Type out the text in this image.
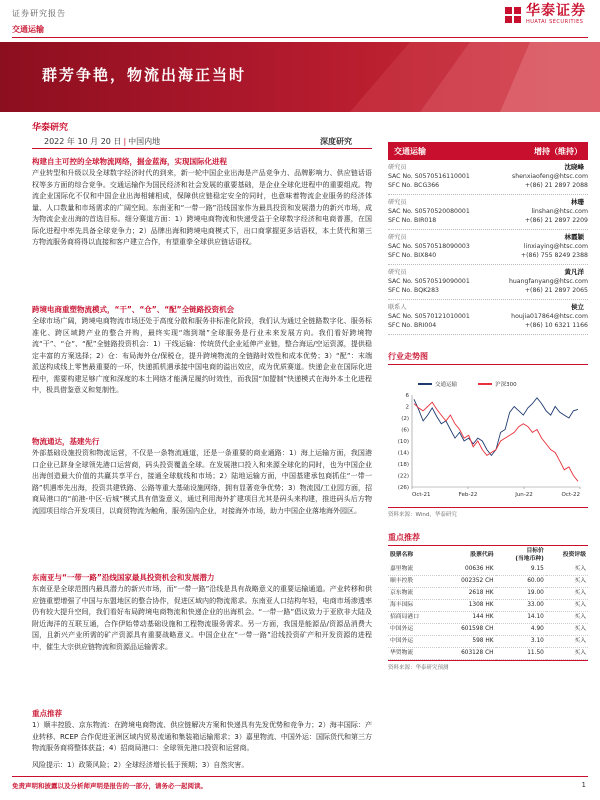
证券研究报告	华泰证券
HUATAI SECURITIES
交通运输
群芳争艳，物流出海正当时
华泰研究
2022 年 10 月 20 日 | 中国内地	深度研究
构建自主可控的全球物流网络，掘金蓝海，实现国际化进程
产业转型和升级以及全球数字经济时代的到来，新一轮中国企业出海是产品竞争力、品牌影响力、供应链话语权等多方面的综合竞争。交通运输作为国民经济和社会发展的重要基础，是企业全球化进程中的重要组成。物流企业国际化不仅和中国企业出海相辅相成，保障供应链稳定安全的同时，也意味着物流企业服务的经济体量、人口数量和市场需求的广阔空间。东南亚和“一带一路”沿线国家作为最具投资和发展潜力的新兴市场，成为物流企业出海的首选目标。细分赛道方面：1）跨境电商物流和快递受益于全球数字经济和电商普惠，在国际化进程中率先具备全球竞争力；2）品牌出海和跨境电商模式下，出口商掌握更多话语权，本土货代和第三方物流服务商将得以直接和客户建立合作，有望重拳全球供应链话语权。
跨境电商重塑物流模式，“干”、“仓”、“配”全链路投资机会
全球市场广阔，跨境电商物流市场还处于高度分散和服务非标准化阶段，我们认为通过全链路数字化、服务标准化、跨区域跨产业的整合并购，最终实现“端到端”全球服务是行业未来发展方向。我们看好跨境物流“干”、“仓”、“配”全链路投资机会：1）干线运输：传统货代企业延伸产业链，整合海运/空运资源，提供稳定丰富的方案选择；2）仓：布局海外仓/保税仓，提升跨境物流的全链路时效性和成本优势；3）“配”：末端派送构成线上零售最重要的一环，快递抓机遇承接中国电商的溢出效应，成为优质赛道。快递企业在国际化进程中，需要构建足够广度和深度的本土网络才能满足履约时效性，而我国“加盟制”快递模式在海外本土化进程中，极具借鉴意义和复制性。
物流通达，基建先行
外部基础设施投资和物流运营，不仅是一条物流通道，还是一条重要的商业通路：1）海上运输方面，我国港口企业已跻身全球领先港口运营商，码头投资覆盖全球。在发展港口投入和来源全球化的同时，也为中国企业出海创造最大价值的共赢共享平台，接通全球航线和市场；2）陆地运输方面，中国基建承包商抓住“一带一路”机遇率先出海，投资共建铁路、公路等重大基础设施网络，拥有显著竞争优势；3）物流园/工业园方面，招商局港口的“前港-中区-后城”模式具有借鉴意义，通过利用海外扩建项目尤其是码头来构建，推进码头后方物流园项目综合开发项目，以商贸物流为触角，服务国内企业，对接海外市场，助力中国企业落地海外园区。
东南亚与“一带一路”沿线国家最具投资机会和发展潜力
东南亚是全球范围内最具潜力的新兴市场，而“一带一路”沿线是具有战略意义的重要运输通道。产业转移和供应链重塑增强了中国与东盟地区的整合协作，促进区域内的物流需求。东南亚人口结构年轻，电商市场渗透率仍有较大提升空间，我们看好布局跨境电商物流和快递企业的出海机会。“一带一路”倡议致力于亚欧非大陆及附近海洋的互联互通，合作伊始带动基础设施和工程物流服务需求。另一方面，我国是能源品/资源品消费大国，且新兴产业所需的矿产资源具有重要战略意义。中国企业在“一带一路”沿线投资矿产和开发资源的进程中，催生大宗供应链物流和资源品运输需求。
重点推荐
1）顺丰控股、京东物流：在跨境电商物流、供应链解决方案和快递具有先发优势和竞争力；2）海丰国际：产业转移、RCEP 合作促进亚洲区域内贸易流通和集装箱运输需求；3）嘉里物流、中国外运：国际货代和第三方物流服务商将整体获益；4）招商局港口：全球领先港口投资和运营商。
风险提示：1）政策风险；2）全球经济增长低于预期；3）自然灾害。
交通运输	增持（维持）
研究员	沈晓峰
SAC No. S0570516110001	shenxiaofeng@htsc.com
SFC No. BCG366	+(86) 21 2897 2088
研究员	林珊
SAC No. S0570520080001	linshan@htsc.com
SFC No. BIR018	+(86) 21 2897 2209
研究员	林霞颖
SAC No. S0570518090003	linxiaying@htsc.com
SFC No. BIX840	+(86) 755 8249 2388
研究员	黄凡洋
SAC No. S0570519090001	huangfanyang@htsc.com
SFC No. BQK283	+(86) 21 2897 2065
联系人	侯立
SAC No. S0570121010001	houjia017864@htsc.com
SFC No. BRI004	+(86) 10 6321 1166
行业走势图
交通运输
	沪深300
6
2
(2)
(6)
(10)
(14)
(18)
(22)
(26)
Oct-21	Feb-22	Jun-22	Oct-22
资料来源：Wind，华泰研究
重点推荐
股票名称	股票代码	目标价
(当地币种)	投资评级
嘉里物流	00636 HK	9.15	买入
顺丰控股	002352 CH	60.00	买入
京东物流	2618 HK	19.00	买入
海丰国际	1308 HK	33.00	买入
招商局港口	144 HK	14.10	买入
中国外运	601598 CH	4.90	买入
中国外运	598 HK	3.10	买入
华贸物流	603128 CH	11.50	买入
资料来源：华泰研究预测
免责声明和披露以及分析师声明是报告的一部分，请务必一起阅读。	1
